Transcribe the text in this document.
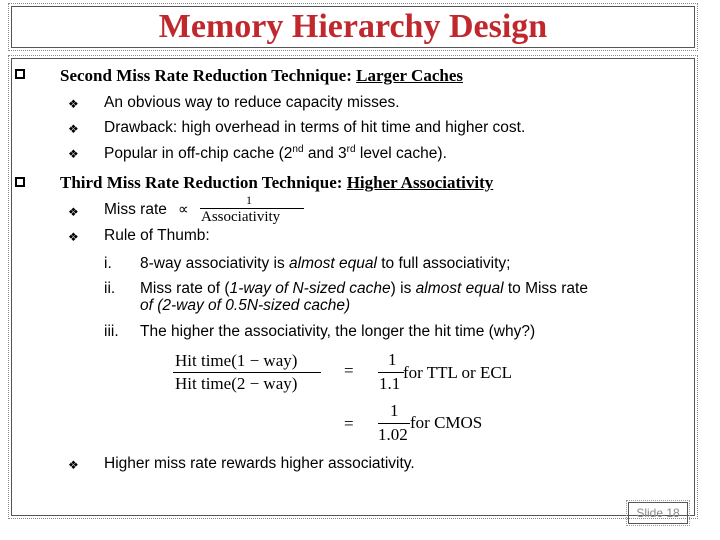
Memory Hierarchy Design
Second Miss Rate Reduction Technique: Larger Caches
❖ An obvious way to reduce capacity misses.
❖ Drawback: high overhead in terms of hit time and higher cost.
❖ Popular in off-chip cache (2nd and 3rd level cache).
Third Miss Rate Reduction Technique: Higher Associativity
❖ Miss rate ∝
1
Associativity
❖ Rule of Thumb:
i. 8-way associativity is almost equal to full associativity;
ii. Miss rate of (1-way of N-sized cache) is almost equal to Miss rate
of (2-way of 0.5N-sized cache)
iii. The higher the associativity, the longer the hit time (why?)
Hit time(1 − way)
Hit time(2 − way)
=
1
1.1
for TTL or ECL
=
1
1.02
for CMOS
❖ Higher miss rate rewards higher associativity.
Slide 18
